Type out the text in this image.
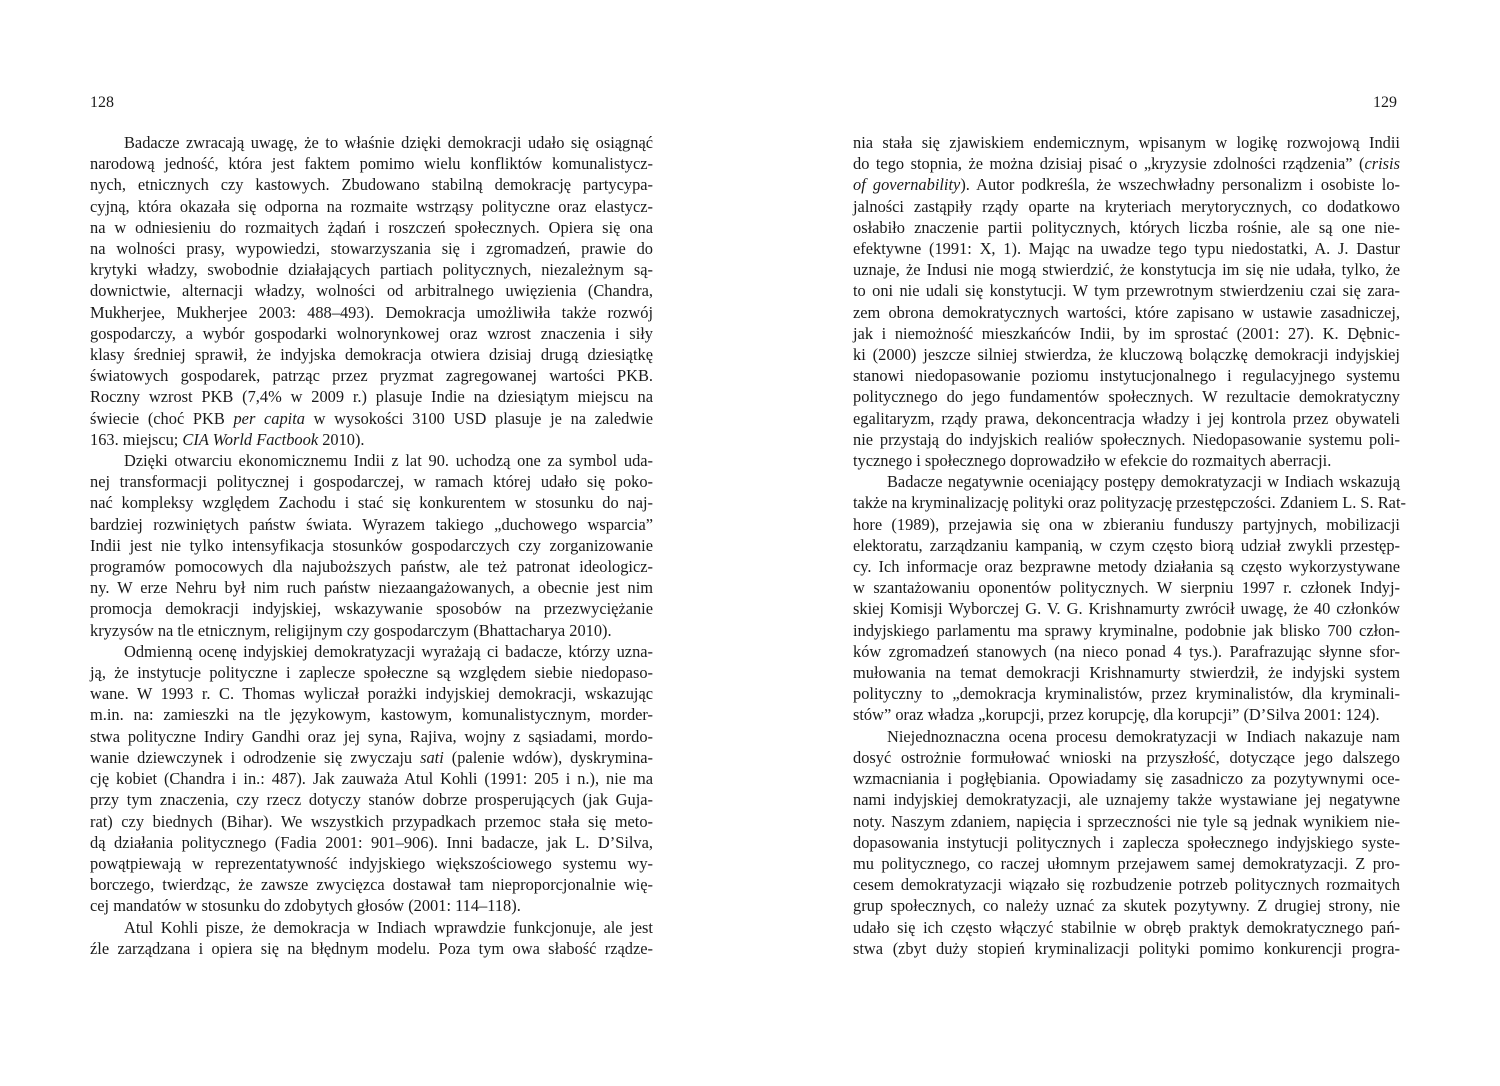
128

Badacze zwracają uwagę, że to właśnie dzięki demokracji udało się osiągnąć
narodową jedność, która jest faktem pomimo wielu konfliktów komunalistycz-
nych, etnicznych czy kastowych. Zbudowano stabilną demokrację partycypa-
cyjną, która okazała się odporna na rozmaite wstrząsy polityczne oraz elastycz-
na w odniesieniu do rozmaitych żądań i roszczeń społecznych. Opiera się ona
na wolności prasy, wypowiedzi, stowarzyszania się i zgromadzeń, prawie do
krytyki władzy, swobodnie działających partiach politycznych, niezależnym są-
downictwie, alternacji władzy, wolności od arbitralnego uwięzienia (Chandra,
Mukherjee, Mukherjee 2003: 488–493). Demokracja umożliwiła także rozwój
gospodarczy, a wybór gospodarki wolnorynkowej oraz wzrost znaczenia i siły
klasy średniej sprawił, że indyjska demokracja otwiera dzisiaj drugą dziesiątkę
światowych gospodarek, patrząc przez pryzmat zagregowanej wartości PKB.
Roczny wzrost PKB (7,4% w 2009 r.) plasuje Indie na dziesiątym miejscu na
świecie (choć PKB per capita w wysokości 3100 USD plasuje je na zaledwie
163. miejscu; CIA World Factbook 2010).

Dzięki otwarciu ekonomicznemu Indii z lat 90. uchodzą one za symbol uda-
nej transformacji politycznej i gospodarczej, w ramach której udało się poko-
nać kompleksy względem Zachodu i stać się konkurentem w stosunku do naj-
bardziej rozwiniętych państw świata. Wyrazem takiego „duchowego wsparcia”
Indii jest nie tylko intensyfikacja stosunków gospodarczych czy zorganizowanie
programów pomocowych dla najuboższych państw, ale też patronat ideologicz-
ny. W erze Nehru był nim ruch państw niezaangażowanych, a obecnie jest nim
promocja demokracji indyjskiej, wskazywanie sposobów na przezwyciężanie
kryzysów na tle etnicznym, religijnym czy gospodarczym (Bhattacharya 2010).

Odmienną ocenę indyjskiej demokratyzacji wyrażają ci badacze, którzy uzna-
ją, że instytucje polityczne i zaplecze społeczne są względem siebie niedopaso-
wane. W 1993 r. C. Thomas wyliczał porażki indyjskiej demokracji, wskazując
m.in. na: zamieszki na tle językowym, kastowym, komunalistycznym, morder-
stwa polityczne Indiry Gandhi oraz jej syna, Rajiva, wojny z sąsiadami, mordo-
wanie dziewczynek i odrodzenie się zwyczaju sati (palenie wdów), dyskrymina-
cję kobiet (Chandra i in.: 487). Jak zauważa Atul Kohli (1991: 205 i n.), nie ma
przy tym znaczenia, czy rzecz dotyczy stanów dobrze prosperujących (jak Guja-
rat) czy biednych (Bihar). We wszystkich przypadkach przemoc stała się meto-
dą działania politycznego (Fadia 2001: 901–906). Inni badacze, jak L. D’Silva,
powątpiewają w reprezentatywność indyjskiego większościowego systemu wy-
borczego, twierdząc, że zawsze zwycięzca dostawał tam nieproporcjonalnie wię-
cej mandatów w stosunku do zdobytych głosów (2001: 114–118).

Atul Kohli pisze, że demokracja w Indiach wprawdzie funkcjonuje, ale jest
źle zarządzana i opiera się na błędnym modelu. Poza tym owa słabość rządze-

129

nia stała się zjawiskiem endemicznym, wpisanym w logikę rozwojową Indii
do tego stopnia, że można dzisiaj pisać o „kryzysie zdolności rządzenia” (crisis
of governability). Autor podkreśla, że wszechwładny personalizm i osobiste lo-
jalności zastąpiły rządy oparte na kryteriach merytorycznych, co dodatkowo
osłabiło znaczenie partii politycznych, których liczba rośnie, ale są one nie-
efektywne (1991: X, 1). Mając na uwadze tego typu niedostatki, A. J. Dastur
uznaje, że Indusi nie mogą stwierdzić, że konstytucja im się nie udała, tylko, że
to oni nie udali się konstytucji. W tym przewrotnym stwierdzeniu czai się zara-
zem obrona demokratycznych wartości, które zapisano w ustawie zasadniczej,
jak i niemożność mieszkańców Indii, by im sprostać (2001: 27). K. Dębnic-
ki (2000) jeszcze silniej stwierdza, że kluczową bolączkę demokracji indyjskiej
stanowi niedopasowanie poziomu instytucjonalnego i regulacyjnego systemu
politycznego do jego fundamentów społecznych. W rezultacie demokratyczny
egalitaryzm, rządy prawa, dekoncentracja władzy i jej kontrola przez obywateli
nie przystają do indyjskich realiów społecznych. Niedopasowanie systemu poli-
tycznego i społecznego doprowadziło w efekcie do rozmaitych aberracji.

Badacze negatywnie oceniający postępy demokratyzacji w Indiach wskazują
także na kryminalizację polityki oraz polityzację przestępczości. Zdaniem L. S. Rat-
hore (1989), przejawia się ona w zbieraniu funduszy partyjnych, mobilizacji
elektoratu, zarządzaniu kampanią, w czym często biorą udział zwykli przestęp-
cy. Ich informacje oraz bezprawne metody działania są często wykorzystywane
w szantażowaniu oponentów politycznych. W sierpniu 1997 r. członek Indyj-
skiej Komisji Wyborczej G. V. G. Krishnamurty zwrócił uwagę, że 40 członków
indyjskiego parlamentu ma sprawy kryminalne, podobnie jak blisko 700 człon-
ków zgromadzeń stanowych (na nieco ponad 4 tys.). Parafrazując słynne sfor-
mułowania na temat demokracji Krishnamurty stwierdził, że indyjski system
polityczny to „demokracja kryminalistów, przez kryminalistów, dla kryminali-
stów” oraz władza „korupcji, przez korupcję, dla korupcji” (D’Silva 2001: 124).

Niejednoznaczna ocena procesu demokratyzacji w Indiach nakazuje nam
dosyć ostrożnie formułować wnioski na przyszłość, dotyczące jego dalszego
wzmacniania i pogłębiania. Opowiadamy się zasadniczo za pozytywnymi oce-
nami indyjskiej demokratyzacji, ale uznajemy także wystawiane jej negatywne
noty. Naszym zdaniem, napięcia i sprzeczności nie tyle są jednak wynikiem nie-
dopasowania instytucji politycznych i zaplecza społecznego indyjskiego syste-
mu politycznego, co raczej ułomnym przejawem samej demokratyzacji. Z pro-
cesem demokratyzacji wiązało się rozbudzenie potrzeb politycznych rozmaitych
grup społecznych, co należy uznać za skutek pozytywny. Z drugiej strony, nie
udało się ich często włączyć stabilnie w obręb praktyk demokratycznego pań-
stwa (zbyt duży stopień kryminalizacji polityki pomimo konkurencji progra-
